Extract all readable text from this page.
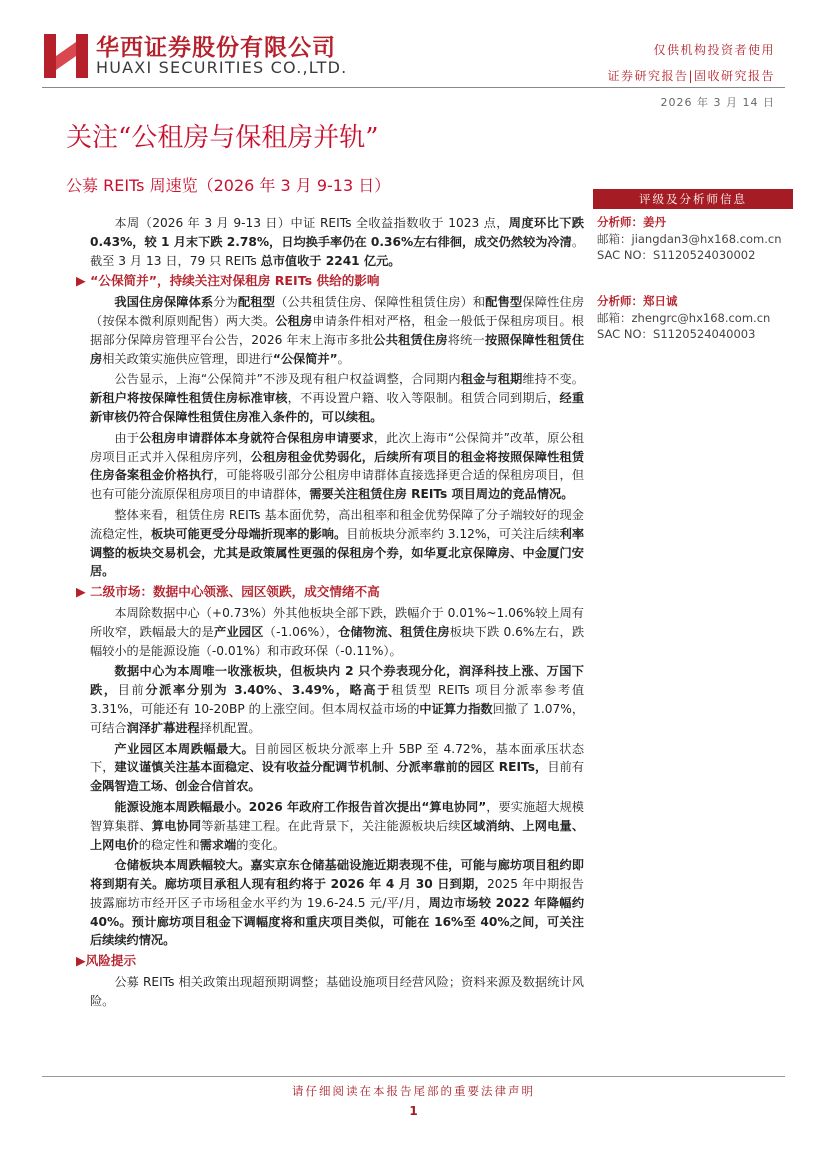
华西证券股份有限公司
HUAXI SECURITIES CO.,LTD.
仅供机构投资者使用
证券研究报告|固收研究报告
2026 年 3 月 14 日
关注“公租房与保租房并轨”
公募 REITs 周速览（2026 年 3 月 9-13 日）
评级及分析师信息
分析师：姜丹
邮箱：jiangdan3@hx168.com.cn
SAC NO：S1120524030002
分析师：郑日诚
邮箱：zhengrc@hx168.com.cn
SAC NO：S1120524040003

本周（2026 年 3 月 9-13 日）中证 REITs 全收益指数收于 1023 点，周度环比下跌 0.43%，较 1 月末下跌 2.78%，日均换手率仍在 0.36%左右徘徊，成交仍然较为冷清。截至 3 月 13 日，79 只 REITs 总市值收于 2241 亿元。

▶ “公保简并”，持续关注对保租房 REITs 供给的影响

我国住房保障体系分为配租型（公共租赁住房、保障性租赁住房）和配售型保障性住房（按保本微利原则配售）两大类。公租房申请条件相对严格，租金一般低于保租房项目。根据部分保障房管理平台公告，2026 年末上海市多批公共租赁住房将统一按照保障性租赁住房相关政策实施供应管理，即进行“公保简并”。

公告显示，上海“公保简并”不涉及现有租户权益调整，合同期内租金与租期维持不变。新租户将按保障性租赁住房标准审核，不再设置户籍、收入等限制。租赁合同到期后，经重新审核仍符合保障性租赁住房准入条件的，可以续租。

由于公租房申请群体本身就符合保租房申请要求，此次上海市“公保简并”改革，原公租房项目正式并入保租房序列，公租房租金优势弱化，后续所有项目的租金将按照保障性租赁住房备案租金价格执行，可能将吸引部分公租房申请群体直接选择更合适的保租房项目，但也有可能分流原保租房项目的申请群体，需要关注租赁住房 REITs 项目周边的竞品情况。

整体来看，租赁住房 REITs 基本面优势，高出租率和租金优势保障了分子端较好的现金流稳定性，板块可能更受分母端折现率的影响。目前板块分派率约 3.12%，可关注后续利率调整的板块交易机会，尤其是政策属性更强的保租房个券，如华夏北京保障房、中金厦门安居。

▶ 二级市场：数据中心领涨、园区领跌，成交情绪不高

本周除数据中心（+0.73%）外其他板块全部下跌，跌幅介于 0.01%~1.06%较上周有所收窄，跌幅最大的是产业园区（-1.06%），仓储物流、租赁住房板块下跌 0.6%左右，跌幅较小的是能源设施（-0.01%）和市政环保（-0.11%）。

数据中心为本周唯一收涨板块，但板块内 2 只个券表现分化，润泽科技上涨、万国下跌，目前分派率分别为 3.40%、3.49%，略高于租赁型 REITs 项目分派率参考值 3.31%，可能还有 10-20BP 的上涨空间。但本周权益市场的中证算力指数回撤了 1.07%，可结合润泽扩幕进程择机配置。

产业园区本周跌幅最大。目前园区板块分派率上升 5BP 至 4.72%，基本面承压状态下，建议谨慎关注基本面稳定、设有收益分配调节机制、分派率靠前的园区 REITs，目前有金隅智造工场、创金合信首农。

能源设施本周跌幅最小。2026 年政府工作报告首次提出“算电协同”，要实施超大规模智算集群、算电协同等新基建工程。在此背景下，关注能源板块后续区域消纳、上网电量、上网电价的稳定性和需求端的变化。

仓储板块本周跌幅较大。嘉实京东仓储基础设施近期表现不佳，可能与廊坊项目租约即将到期有关。廊坊项目承租人现有租约将于 2026 年 4 月 30 日到期，2025 年中期报告披露廊坊市经开区子市场租金水平约为 19.6-24.5 元/平/月，周边市场较 2022 年降幅约 40%。预计廊坊项目租金下调幅度将和重庆项目类似，可能在 16%至 40%之间，可关注后续续约情况。

▶风险提示

公募 REITs 相关政策出现超预期调整；基础设施项目经营风险；资料来源及数据统计风险。

请仔细阅读在本报告尾部的重要法律声明
1
